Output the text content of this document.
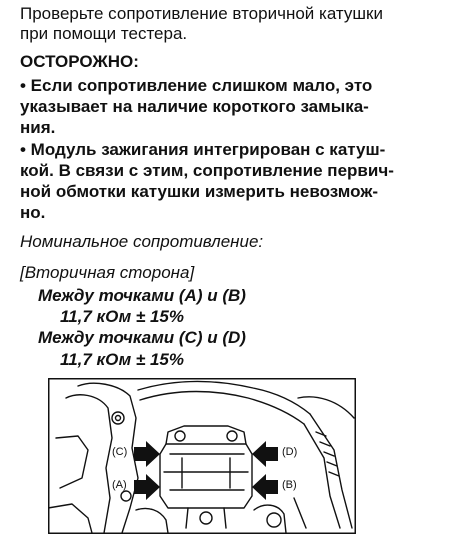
Проверьте сопротивление вторичной катушки
при помощи тестера.
ОСТОРОЖНО:
• Если сопротивление слишком мало, это
указывает на наличие короткого замыка-
ния.
• Модуль зажигания интегрирован с катуш-
кой. В связи с этим, сопротивление первич-
ной обмотки катушки измерить невозмож-
но.
Номинальное сопротивление:
[Вторичная сторона]
Между точками (A) и (B)
11,7 кОм ± 15%
Между точками (C) и (D)
11,7 кОм ± 15%
(C)
(A)
(D)
(B)
